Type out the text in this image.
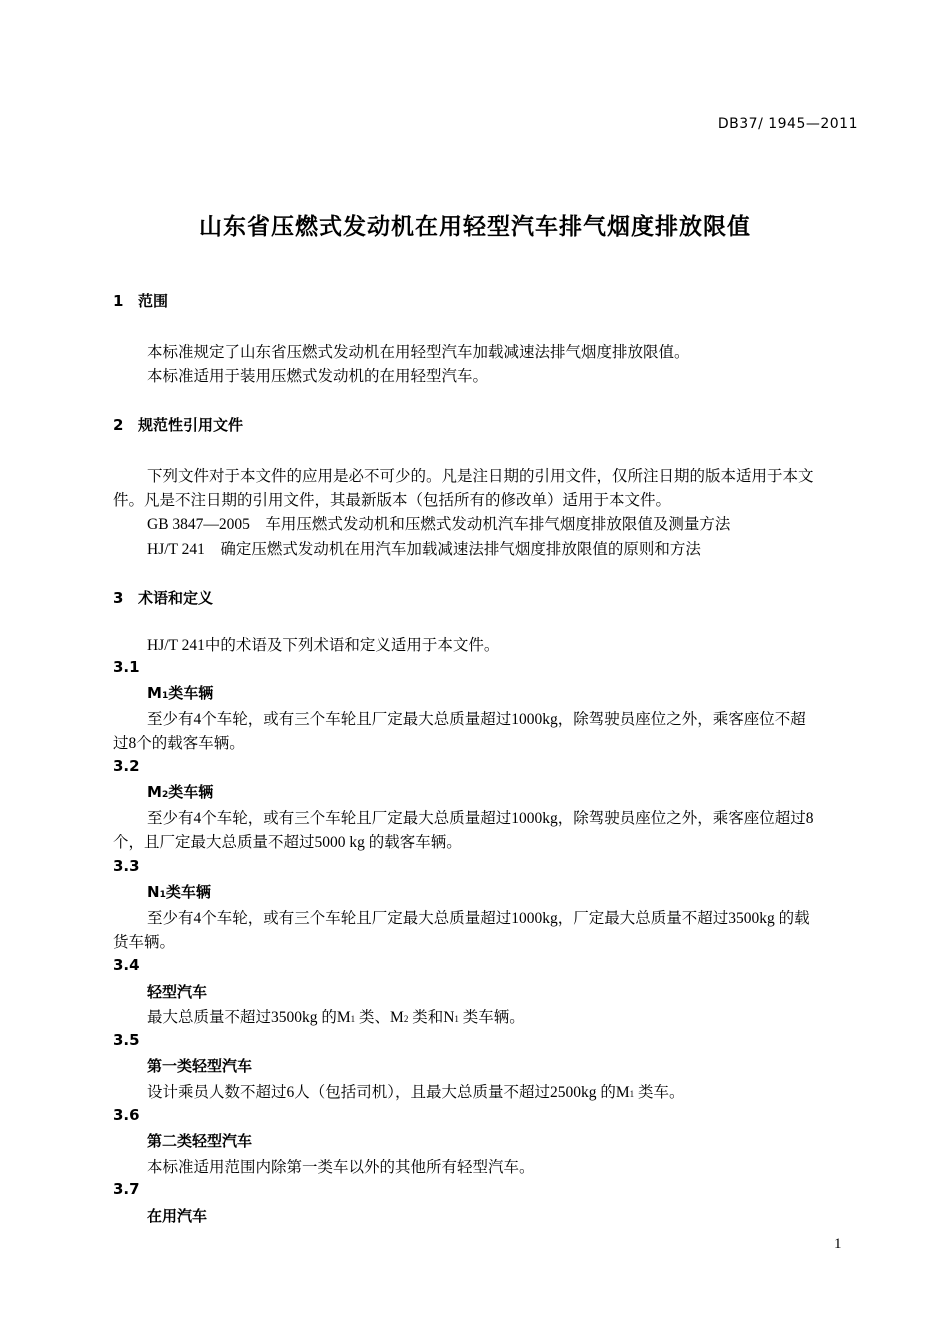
DB37/ 1945—2011
山东省压燃式发动机在用轻型汽车排气烟度排放限值
1 范围
本标准规定了山东省压燃式发动机在用轻型汽车加载减速法排气烟度排放限值。
本标准适用于装用压燃式发动机的在用轻型汽车。
2 规范性引用文件
下列文件对于本文件的应用是必不可少的。凡是注日期的引用文件，仅所注日期的版本适用于本文
件。凡是不注日期的引用文件，其最新版本（包括所有的修改单）适用于本文件。
GB 3847—2005　车用压燃式发动机和压燃式发动机汽车排气烟度排放限值及测量方法
HJ/T 241　确定压燃式发动机在用汽车加载减速法排气烟度排放限值的原则和方法
3 术语和定义
HJ/T 241中的术语及下列术语和定义适用于本文件。
3.1
M1类车辆
至少有4个车轮，或有三个车轮且厂定最大总质量超过1000kg，除驾驶员座位之外，乘客座位不超
过8个的载客车辆。
3.2
M2类车辆
至少有4个车轮，或有三个车轮且厂定最大总质量超过1000kg，除驾驶员座位之外，乘客座位超过8
个，且厂定最大总质量不超过5000 kg 的载客车辆。
3.3
N1类车辆
至少有4个车轮，或有三个车轮且厂定最大总质量超过1000kg，厂定最大总质量不超过3500kg 的载
货车辆。
3.4
轻型汽车
最大总质量不超过3500kg 的M1 类、M2 类和N1 类车辆。
3.5
第一类轻型汽车
设计乘员人数不超过6人（包括司机），且最大总质量不超过2500kg 的M1 类车。
3.6
第二类轻型汽车
本标准适用范围内除第一类车以外的其他所有轻型汽车。
3.7
在用汽车
1
